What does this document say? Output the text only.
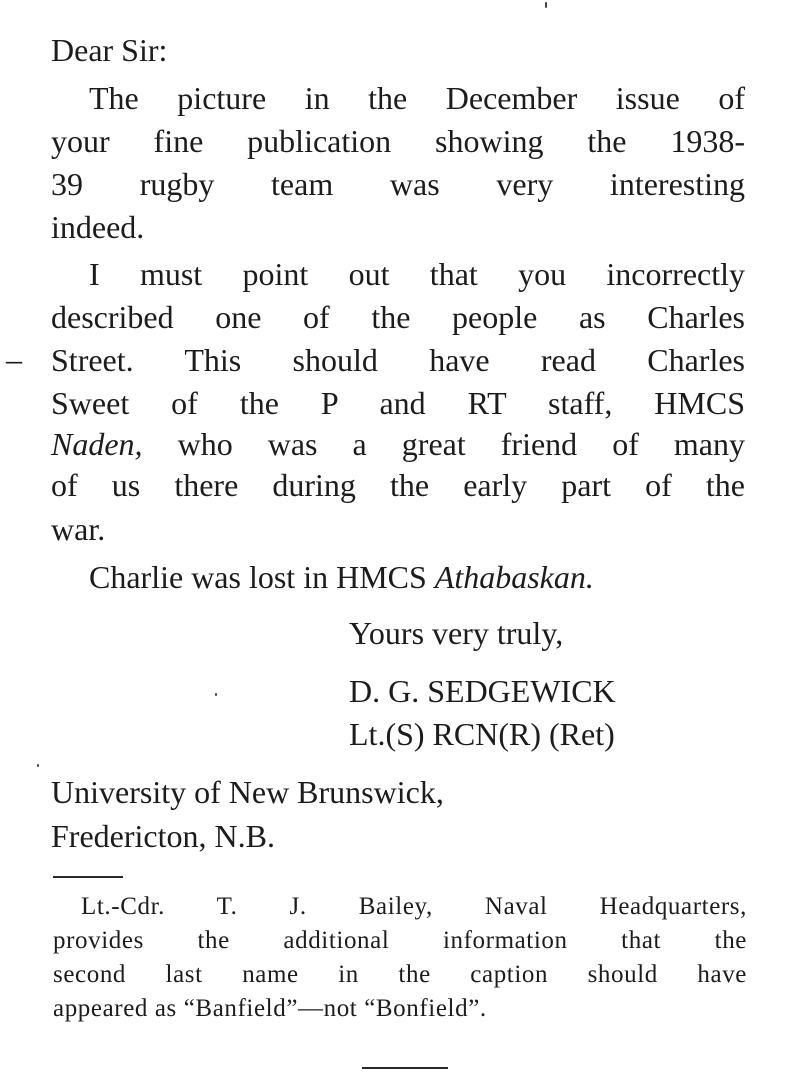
Dear Sir:

The picture in the December issue of

your fine publication showing the 1938-

39 rugby team was very interesting

indeed.

I must point out that you incorrectly

described one of the people as Charles

– Street. This should have read Charles

Sweet of the P and RT staff, HMCS

Naden, who was a great friend of many

of us there during the early part of the

war.

Charlie was lost in HMCS Athabaskan.

Yours very truly,

D. G. SEDGEWICK

Lt.(S) RCN(R) (Ret)

University of New Brunswick,

Fredericton, N.B.

Lt.-Cdr. T. J. Bailey, Naval Headquarters,

provides the additional information that the

second last name in the caption should have

appeared as “Banfield”—not “Bonfield”.
